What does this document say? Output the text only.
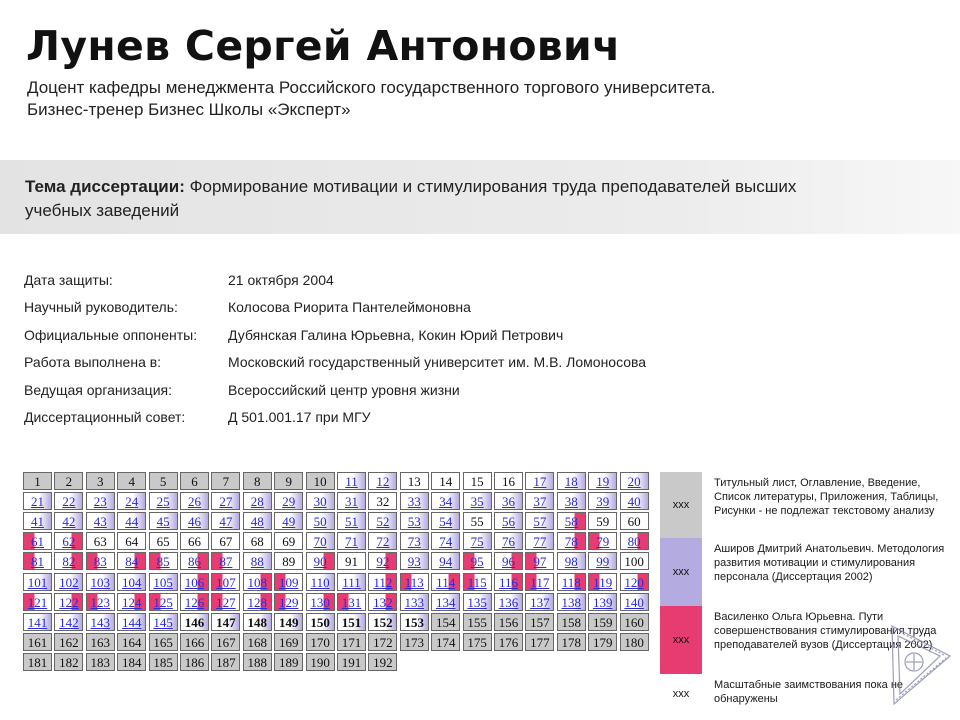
Лунев Сергей Антонович
Доцент кафедры менеджмента Российского государственного торгового университета.
Бизнес-тренер Бизнес Школы «Эксперт»
Тема диссертации: Формирование мотивации и стимулирования труда преподавателей высших учебных заведений
Дата защиты:	21 октября 2004
Научный руководитель:	Колосова Риорита Пантелеймоновна
Официальные оппоненты:	Дубянская Галина Юрьевна, Кокин Юрий Петрович
Работа выполнена в:	Московский государственный университет им. М.В. Ломоносова
Ведущая организация:	Всероссийский центр уровня жизни
Диссертационный совет:	Д 501.001.17 при МГУ
1	2	3	4	5	6	7	8	9	10	11	12	13	14	15	16	17	18	19	20
21	22	23	24	25	26	27	28	29	30	31	32	33	34	35	36	37	38	39	40
41	42	43	44	45	46	47	48	49	50	51	52	53	54	55	56	57	58	59	60
61	62	63	64	65	66	67	68	69	70	71	72	73	74	75	76	77	78	79	80
81	82	83	84	85	86	87	88	89	90	91	92	93	94	95	96	97	98	99	100
101 102 103 104 105 106 107 108 109 110 111 112 113 114 115 116 117 118 119 120
121 122 123 124 125 126 127 128 129 130 131 132 133 134 135 136 137 138 139 140
141 142 143 144 145 146 147 148 149 150 151 152 153 154 155 156 157 158 159 160
161 162 163 164 165 166 167 168 169 170 171 172 173 174 175 176 177 178 179 180
181 182 183 184 185 186 187 188 189 190 191 192
xxx
Титульный лист, Оглавление, Введение, Список литературы, Приложения, Таблицы, Рисунки - не подлежат текстовому анализу
xxx
Аширов Дмитрий Анатольевич. Методология развития мотивации и стимулирования персонала (Диссертация 2002)
xxx
Василенко Ольга Юрьевна. Пути совершенствования стимулирования труда преподавателей вузов (Диссертация 2002)
xxx
Масштабные заимствования пока не обнаружены
